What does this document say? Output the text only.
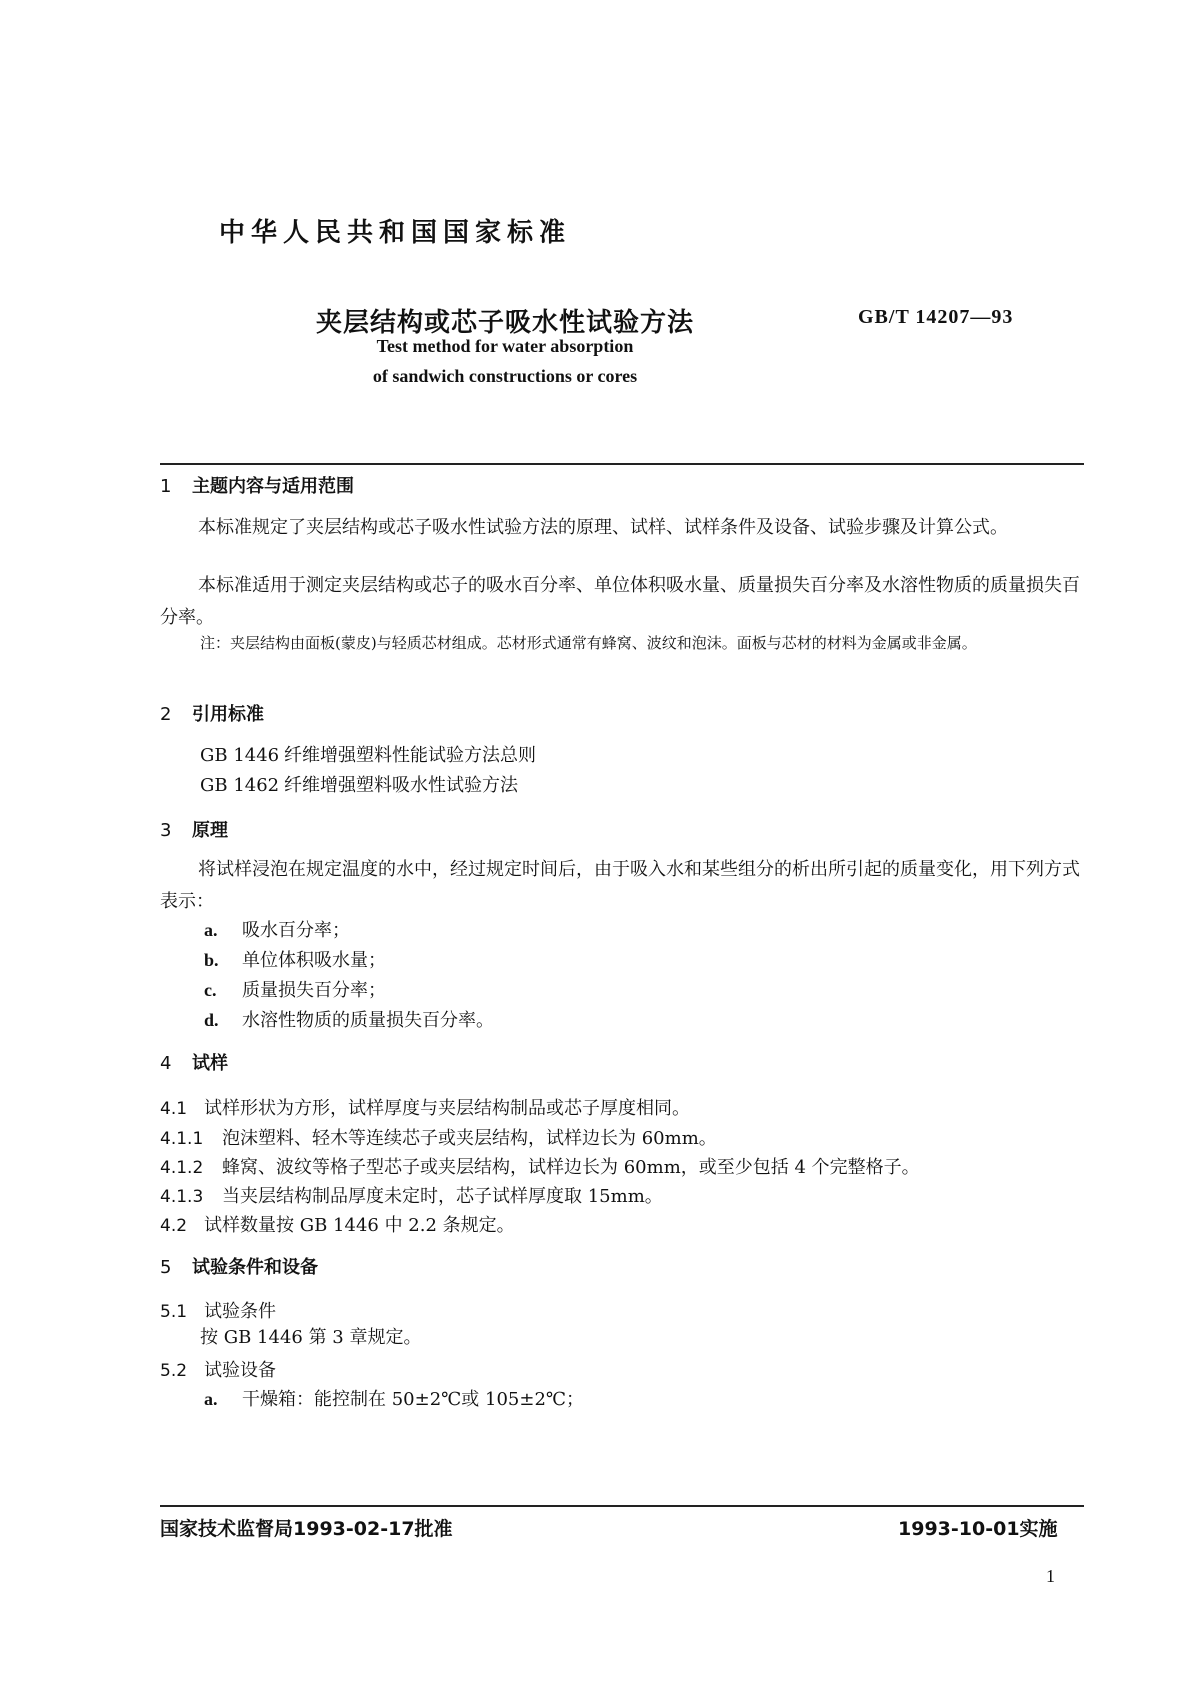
中华人民共和国国家标准
夹层结构或芯子吸水性试验方法	GB/T 14207—93
Test method for water absorption
of sandwich constructions or cores
1 主题内容与适用范围
本标准规定了夹层结构或芯子吸水性试验方法的原理、试样、试样条件及设备、试验步骤及计算公式。
本标准适用于测定夹层结构或芯子的吸水百分率、单位体积吸水量、质量损失百分率及水溶性物质的质量损失百分率。
注：夹层结构由面板(蒙皮)与轻质芯材组成。芯材形式通常有蜂窝、波纹和泡沫。面板与芯材的材料为金属或非金属。
2 引用标准
GB 1446 纤维增强塑料性能试验方法总则
GB 1462 纤维增强塑料吸水性试验方法
3 原理
将试样浸泡在规定温度的水中，经过规定时间后，由于吸入水和某些组分的析出所引起的质量变化，用下列方式表示：
a. 吸水百分率；
b. 单位体积吸水量；
c. 质量损失百分率；
d. 水溶性物质的质量损失百分率。
4 试样
4.1 试样形状为方形，试样厚度与夹层结构制品或芯子厚度相同。
4.1.1 泡沫塑料、轻木等连续芯子或夹层结构，试样边长为 60mm。
4.1.2 蜂窝、波纹等格子型芯子或夹层结构，试样边长为 60mm，或至少包括 4 个完整格子。
4.1.3 当夹层结构制品厚度未定时，芯子试样厚度取 15mm。
4.2 试样数量按 GB 1446 中 2.2 条规定。
5 试验条件和设备
5.1 试验条件
按 GB 1446 第 3 章规定。
5.2 试验设备
a. 干燥箱：能控制在 50±2℃或 105±2℃；
国家技术监督局1993-02-17批准	1993-10-01实施
1
